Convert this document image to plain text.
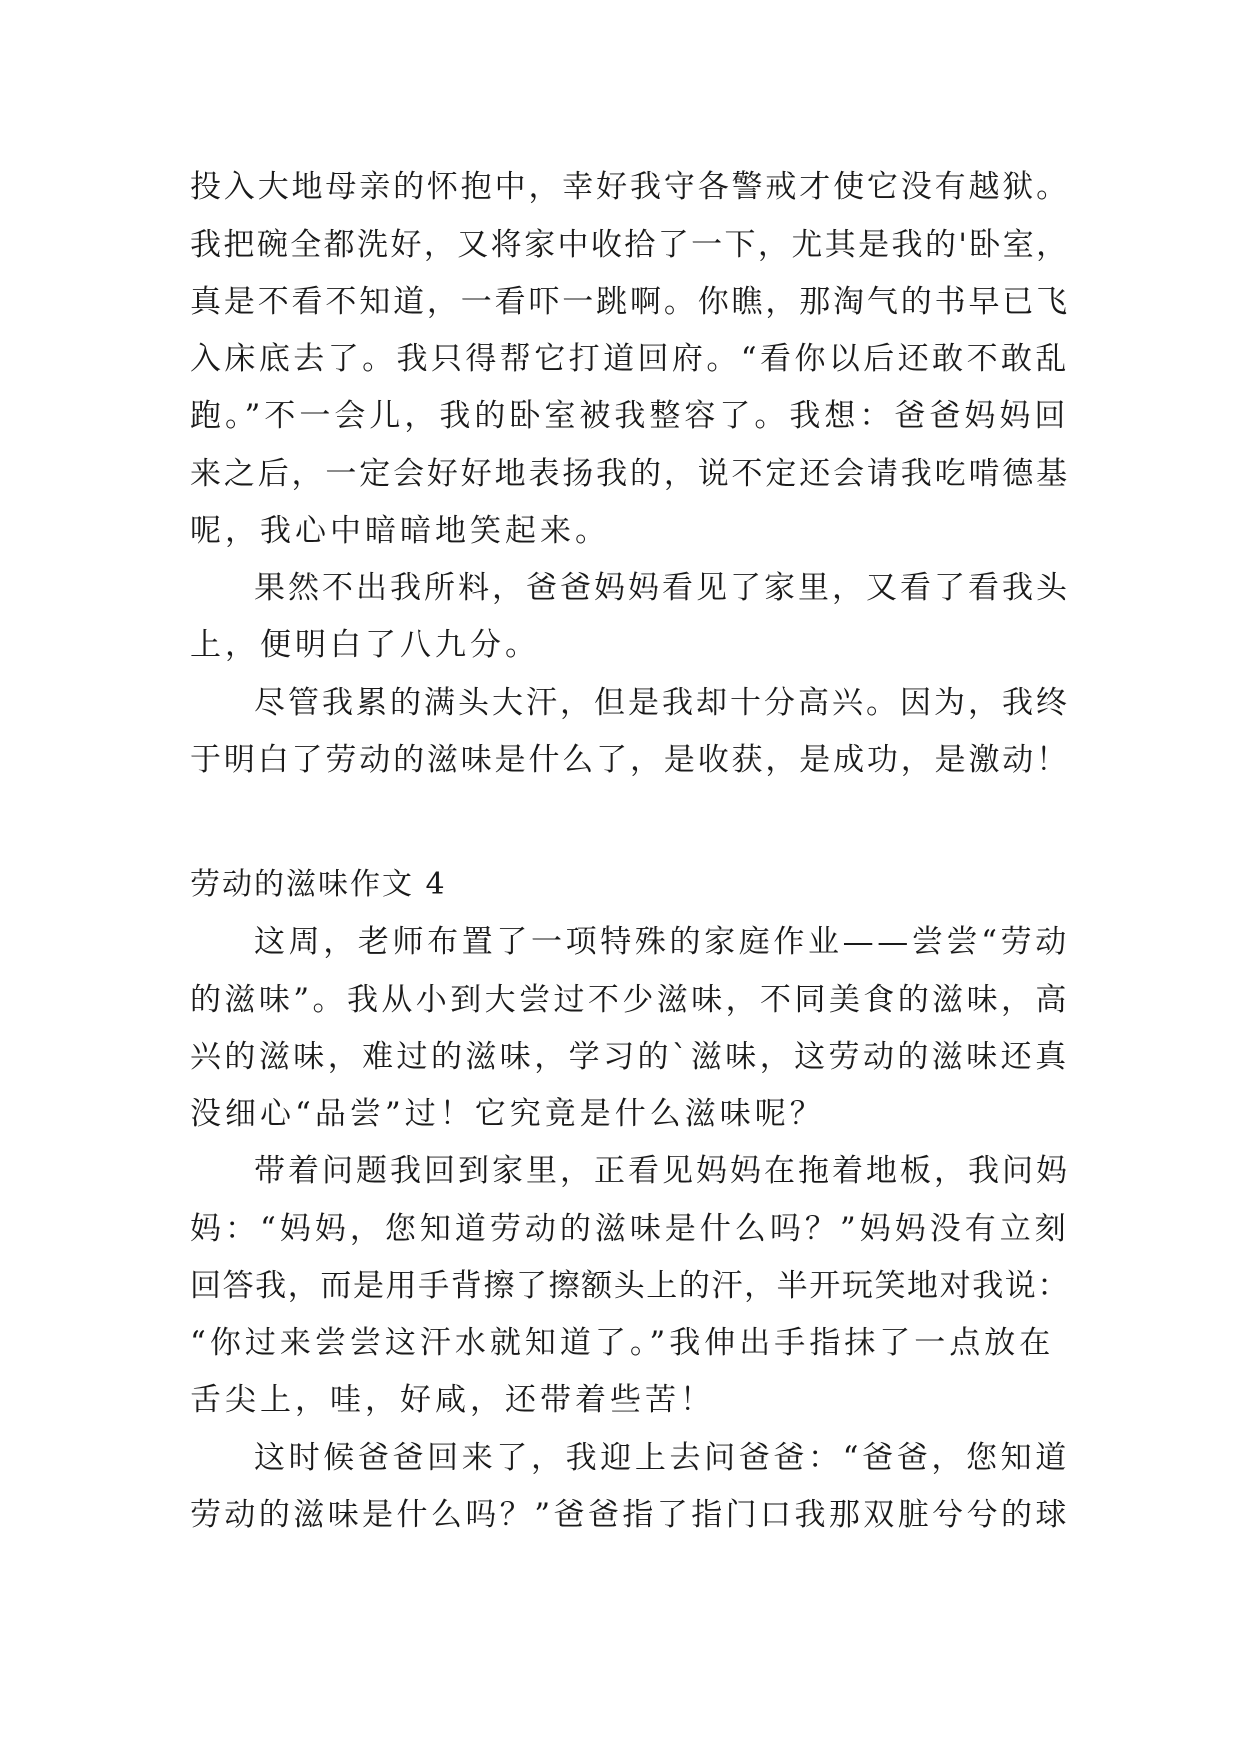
投入大地母亲的怀抱中，幸好我守各警戒才使它没有越狱。
我把碗全都洗好，又将家中收拾了一下，尤其是我的'卧室，
真是不看不知道，一看吓一跳啊。你瞧，那淘气的书早已飞
入床底去了。我只得帮它打道回府。“看你以后还敢不敢乱
跑。”不一会儿，我的卧室被我整容了。我想：爸爸妈妈回
来之后，一定会好好地表扬我的，说不定还会请我吃啃德基
呢，我心中暗暗地笑起来。
果然不出我所料，爸爸妈妈看见了家里，又看了看我头
上，便明白了八九分。
尽管我累的满头大汗，但是我却十分高兴。因为，我终
于明白了劳动的滋味是什么了，是收获，是成功，是激动！
劳动的滋味作文 4
这周，老师布置了一项特殊的家庭作业——尝尝“劳动
的滋味”。我从小到大尝过不少滋味，不同美食的滋味，高
兴的滋味，难过的滋味，学习的`滋味，这劳动的滋味还真
没细心“品尝”过！它究竟是什么滋味呢？
带着问题我回到家里，正看见妈妈在拖着地板，我问妈
妈：“妈妈，您知道劳动的滋味是什么吗？”妈妈没有立刻
回答我，而是用手背擦了擦额头上的汗，半开玩笑地对我说：
“你过来尝尝这汗水就知道了。”我伸出手指抹了一点放在
舌尖上，哇，好咸，还带着些苦！
这时候爸爸回来了，我迎上去问爸爸：“爸爸，您知道
劳动的滋味是什么吗？”爸爸指了指门口我那双脏兮兮的球
